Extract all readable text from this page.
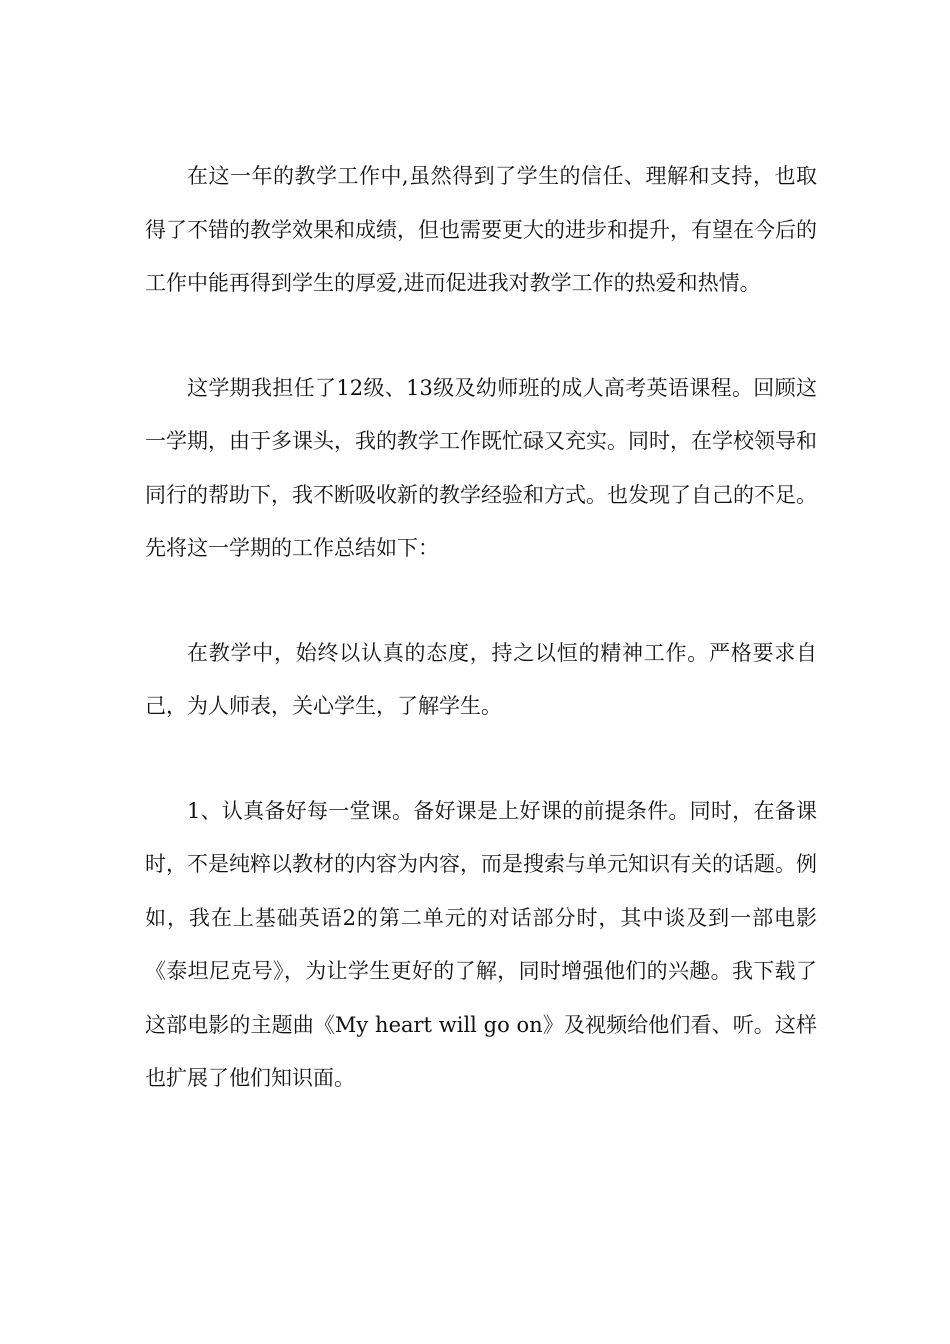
在这一年的教学工作中,虽然得到了学生的信任、理解和支持，也取得了不错的教学效果和成绩，但也需要更大的进步和提升，有望在今后的工作中能再得到学生的厚爱,进而促进我对教学工作的热爱和热情。

这学期我担任了12级、13级及幼师班的成人高考英语课程。回顾这一学期，由于多课头，我的教学工作既忙碌又充实。同时，在学校领导和同行的帮助下，我不断吸收新的教学经验和方式。也发现了自己的不足。先将这一学期的工作总结如下：

在教学中，始终以认真的态度，持之以恒的精神工作。严格要求自己，为人师表，关心学生，了解学生。

1、认真备好每一堂课。备好课是上好课的前提条件。同时，在备课时，不是纯粹以教材的内容为内容，而是搜索与单元知识有关的话题。例如，我在上基础英语2的第二单元的对话部分时，其中谈及到一部电影《泰坦尼克号》，为让学生更好的了解，同时增强他们的兴趣。我下载了这部电影的主题曲《My heart will go on》及视频给他们看、听。这样也扩展了他们知识面。
